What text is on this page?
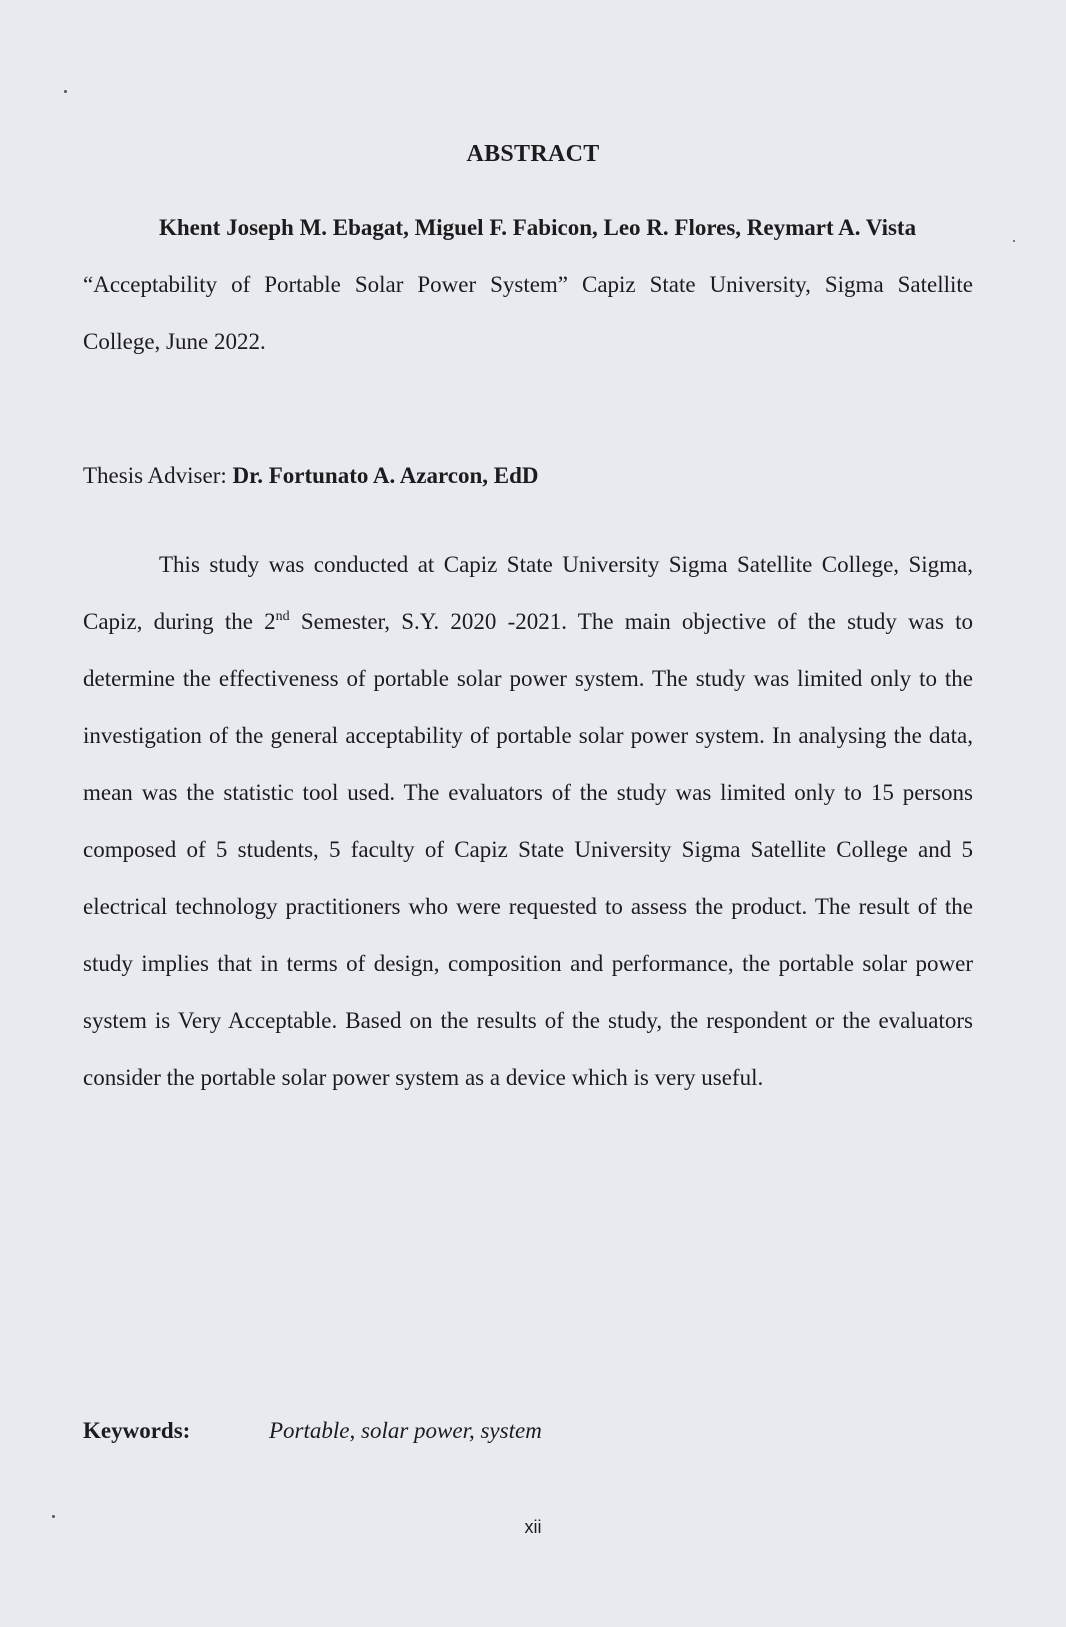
ABSTRACT
Khent Joseph M. Ebagat, Miguel F. Fabicon, Leo R. Flores, Reymart A. Vista
“Acceptability of Portable Solar Power System” Capiz State University, Sigma Satellite College, June 2022.
Thesis Adviser: Dr. Fortunato A. Azarcon, EdD
This study was conducted at Capiz State University Sigma Satellite College, Sigma, Capiz, during the 2nd Semester, S.Y. 2020 -2021. The main objective of the study was to determine the effectiveness of portable solar power system. The study was limited only to the investigation of the general acceptability of portable solar power system. In analysing the data, mean was the statistic tool used. The evaluators of the study was limited only to 15 persons composed of 5 students, 5 faculty of Capiz State University Sigma Satellite College and 5 electrical technology practitioners who were requested to assess the product. The result of the study implies that in terms of design, composition and performance, the portable solar power system is Very Acceptable. Based on the results of the study, the respondent or the evaluators consider the portable solar power system as a device which is very useful.
Keywords:	Portable, solar power, system
xii
